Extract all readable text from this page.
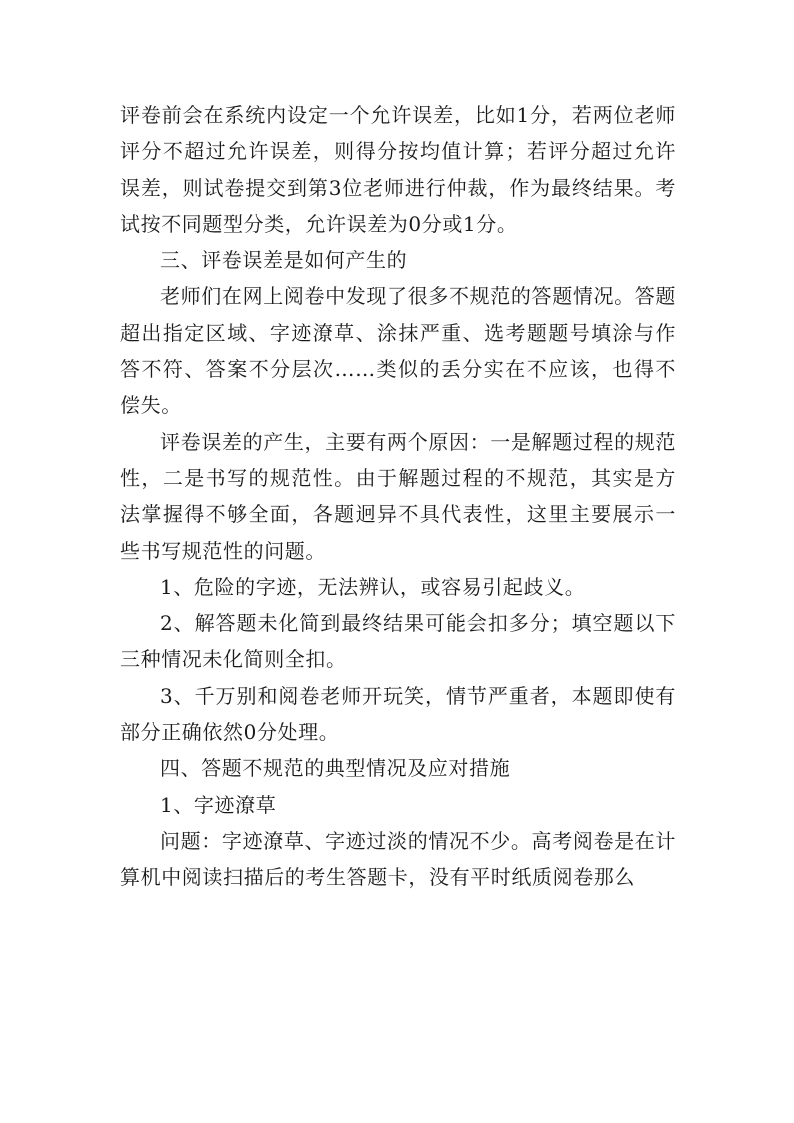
评卷前会在系统内设定一个允许误差，比如1分，若两位老师评分不超过允许误差，则得分按均值计算；若评分超过允许误差，则试卷提交到第3位老师进行仲裁，作为最终结果。考试按不同题型分类，允许误差为0分或1分。

三、评卷误差是如何产生的

老师们在网上阅卷中发现了很多不规范的答题情况。答题超出指定区域、字迹潦草、涂抹严重、选考题题号填涂与作答不符、答案不分层次……类似的丢分实在不应该，也得不偿失。

评卷误差的产生，主要有两个原因：一是解题过程的规范性，二是书写的规范性。由于解题过程的不规范，其实是方法掌握得不够全面，各题迥异不具代表性，这里主要展示一些书写规范性的问题。

1、危险的字迹，无法辨认，或容易引起歧义。

2、解答题未化简到最终结果可能会扣多分；填空题以下三种情况未化简则全扣。

3、千万别和阅卷老师开玩笑，情节严重者，本题即使有部分正确依然0分处理。

四、答题不规范的典型情况及应对措施

1、字迹潦草

问题：字迹潦草、字迹过淡的情况不少。高考阅卷是在计算机中阅读扫描后的考生答题卡，没有平时纸质阅卷那么
